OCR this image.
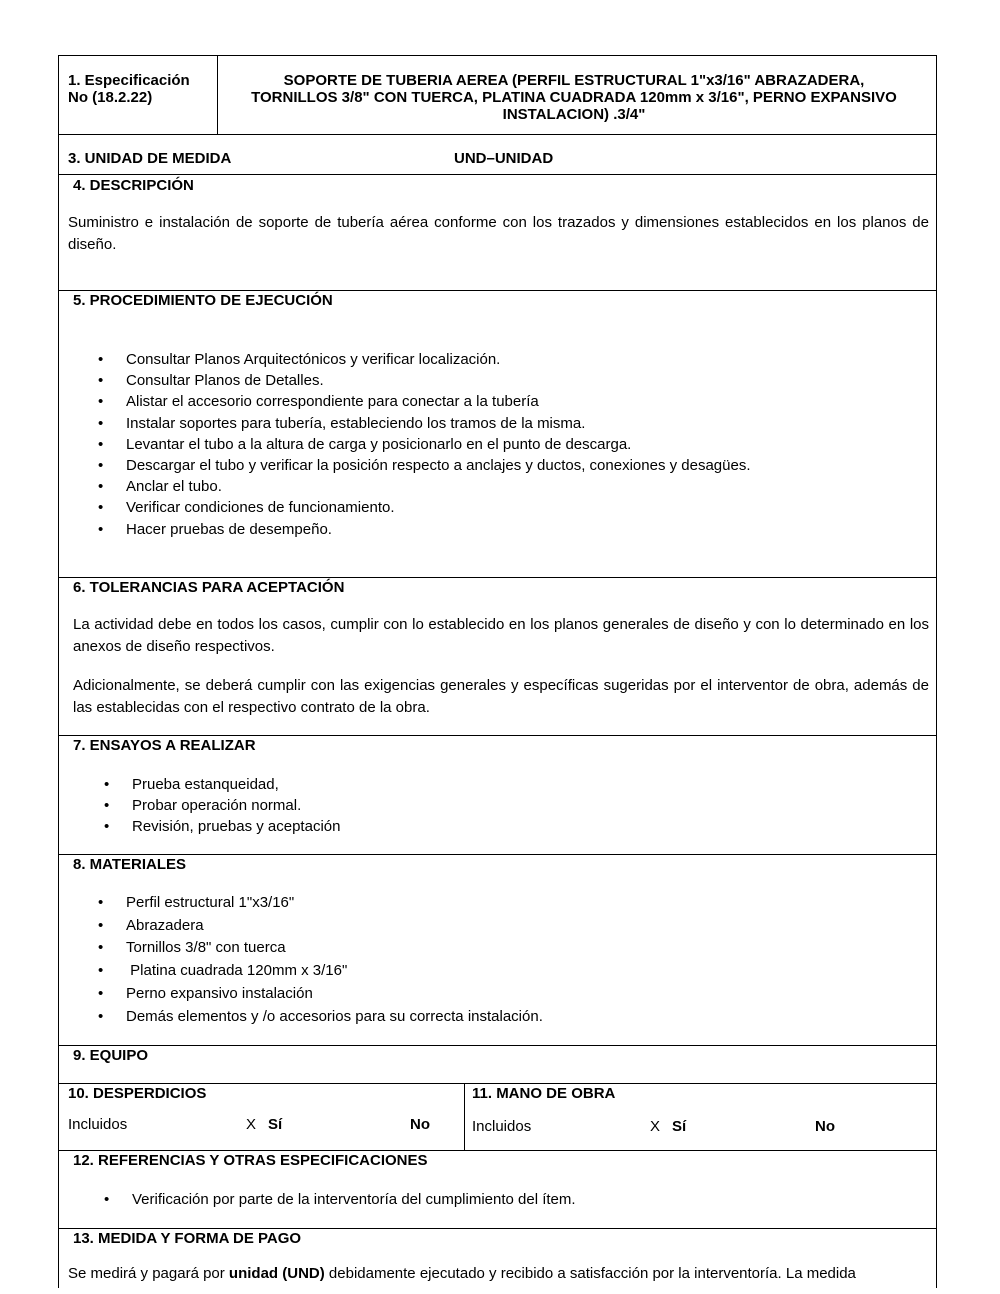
1. Especificación No (18.2.22)
SOPORTE DE TUBERIA AEREA (PERFIL ESTRUCTURAL 1"x3/16" ABRAZADERA, TORNILLOS 3/8" CON TUERCA, PLATINA CUADRADA 120mm x 3/16", PERNO EXPANSIVO INSTALACION) .3/4"
3. UNIDAD DE MEDIDA	UND–UNIDAD
4. DESCRIPCIÓN
Suministro e instalación de soporte de tubería aérea conforme con los trazados y dimensiones establecidos en los planos de diseño.
5. PROCEDIMIENTO DE EJECUCIÓN
• Consultar Planos Arquitectónicos y verificar localización.
• Consultar Planos de Detalles.
• Alistar el accesorio correspondiente para conectar a la tubería
• Instalar soportes para tubería, estableciendo los tramos de la misma.
• Levantar el tubo a la altura de carga y posicionarlo en el punto de descarga.
• Descargar el tubo y verificar la posición respecto a anclajes y ductos, conexiones y desagües.
• Anclar el tubo.
• Verificar condiciones de funcionamiento.
• Hacer pruebas de desempeño.
6. TOLERANCIAS PARA ACEPTACIÓN
La actividad debe en todos los casos, cumplir con lo establecido en los planos generales de diseño y con lo determinado en los anexos de diseño respectivos.
Adicionalmente, se deberá cumplir con las exigencias generales y específicas sugeridas por el interventor de obra, además de las establecidas con el respectivo contrato de la obra.
7. ENSAYOS A REALIZAR
• Prueba estanqueidad,
• Probar operación normal.
• Revisión, pruebas y aceptación
8. MATERIALES
• Perfil estructural 1"x3/16"
• Abrazadera
• Tornillos 3/8" con tuerca
•  Platina cuadrada 120mm x 3/16"
• Perno expansivo instalación
• Demás elementos y /o accesorios para su correcta instalación.
9. EQUIPO
10. DESPERDICIOS
Incluidos	X Sí	No
11. MANO DE OBRA
Incluidos	X Sí	No
12. REFERENCIAS Y OTRAS ESPECIFICACIONES
• Verificación por parte de la interventoría del cumplimiento del ítem.
13. MEDIDA Y FORMA DE PAGO
Se medirá y pagará por unidad (UND) debidamente ejecutado y recibido a satisfacción por la interventoría. La medida
